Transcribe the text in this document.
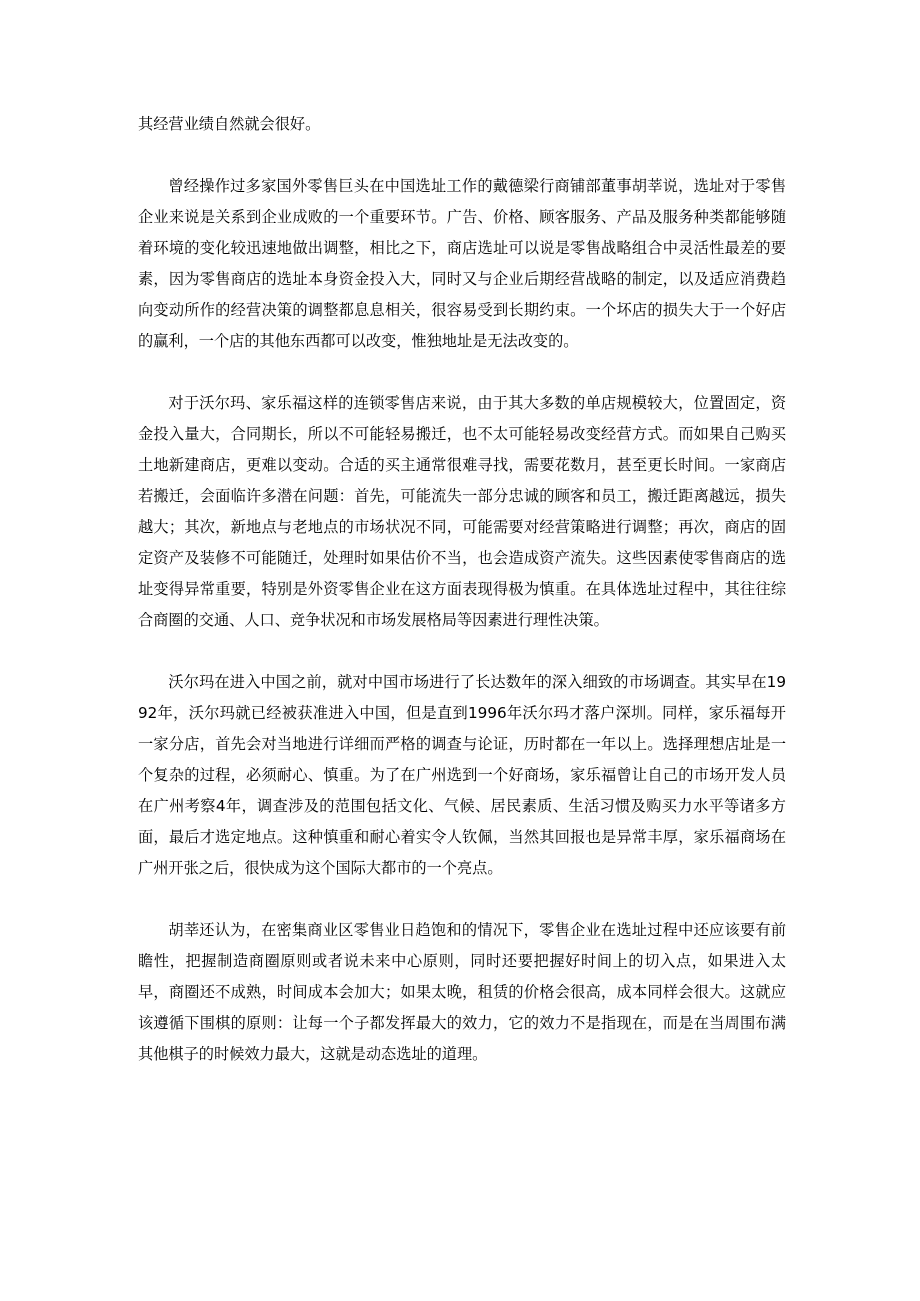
其经营业绩自然就会很好。

曾经操作过多家国外零售巨头在中国选址工作的戴德梁行商铺部董事胡莘说，选址对于零售企业来说是关系到企业成败的一个重要环节。广告、价格、顾客服务、产品及服务种类都能够随着环境的变化较迅速地做出调整，相比之下，商店选址可以说是零售战略组合中灵活性最差的要素，因为零售商店的选址本身资金投入大，同时又与企业后期经营战略的制定，以及适应消费趋向变动所作的经营决策的调整都息息相关，很容易受到长期约束。一个坏店的损失大于一个好店的赢利，一个店的其他东西都可以改变，惟独地址是无法改变的。

对于沃尔玛、家乐福这样的连锁零售店来说，由于其大多数的单店规模较大，位置固定，资金投入量大，合同期长，所以不可能轻易搬迁，也不太可能轻易改变经营方式。而如果自己购买土地新建商店，更难以变动。合适的买主通常很难寻找，需要花数月，甚至更长时间。一家商店若搬迁，会面临许多潜在问题：首先，可能流失一部分忠诚的顾客和员工，搬迁距离越远，损失越大；其次，新地点与老地点的市场状况不同，可能需要对经营策略进行调整；再次，商店的固定资产及装修不可能随迁，处理时如果估价不当，也会造成资产流失。这些因素使零售商店的选址变得异常重要，特别是外资零售企业在这方面表现得极为慎重。在具体选址过程中，其往往综合商圈的交通、人口、竞争状况和市场发展格局等因素进行理性决策。

沃尔玛在进入中国之前，就对中国市场进行了长达数年的深入细致的市场调查。其实早在1992年，沃尔玛就已经被获准进入中国，但是直到1996年沃尔玛才落户深圳。同样，家乐福每开一家分店，首先会对当地进行详细而严格的调查与论证，历时都在一年以上。选择理想店址是一个复杂的过程，必须耐心、慎重。为了在广州选到一个好商场，家乐福曾让自己的市场开发人员在广州考察4年，调查涉及的范围包括文化、气候、居民素质、生活习惯及购买力水平等诸多方面，最后才选定地点。这种慎重和耐心着实令人钦佩，当然其回报也是异常丰厚，家乐福商场在广州开张之后，很快成为这个国际大都市的一个亮点。

胡莘还认为，在密集商业区零售业日趋饱和的情况下，零售企业在选址过程中还应该要有前瞻性，把握制造商圈原则或者说未来中心原则，同时还要把握好时间上的切入点，如果进入太早，商圈还不成熟，时间成本会加大；如果太晚，租赁的价格会很高，成本同样会很大。这就应该遵循下围棋的原则：让每一个子都发挥最大的效力，它的效力不是指现在，而是在当周围布满其他棋子的时候效力最大，这就是动态选址的道理。
